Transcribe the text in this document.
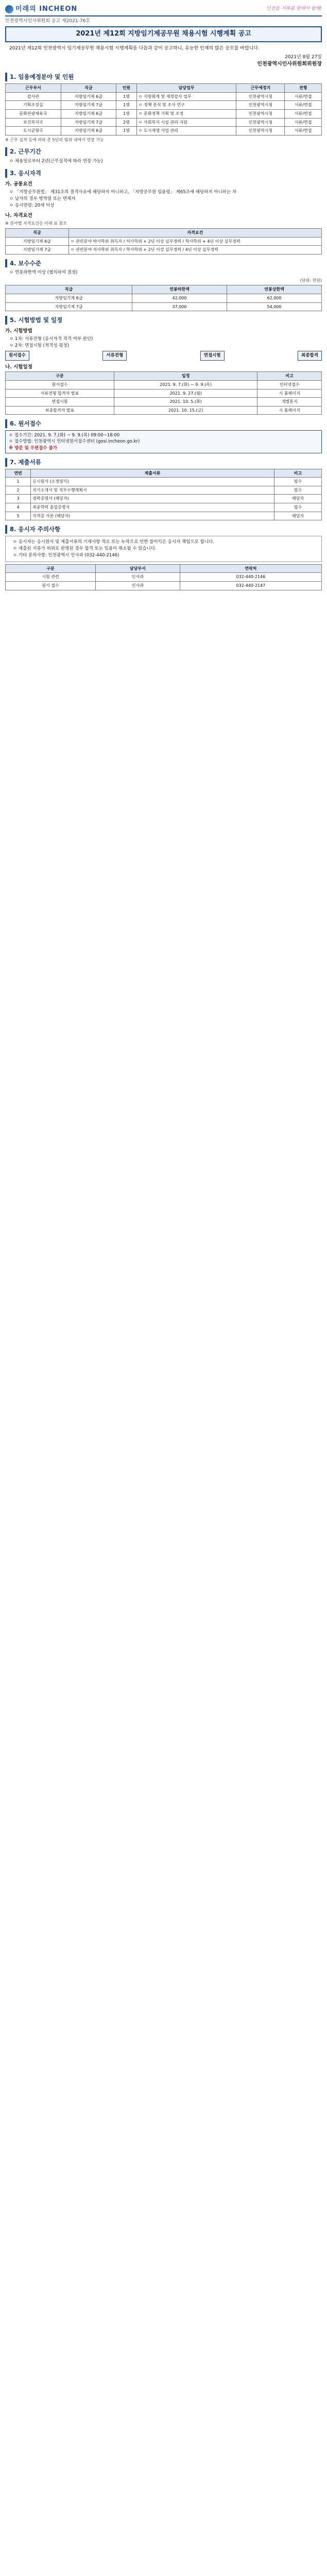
미래의 INCHEON	인천을 기부로 앞에서 함께!
인천광역시인사위원회 공고 제2021-76호
2021년 제12회 지방임기제공무원 채용시험 시행계획 공고
2021년 제12회 인천광역시 임기제공무원 채용시험 시행계획을 다음과 같이 공고하니, 유능한 인재의 많은 응모를 바랍니다.
2021년 8월 27일
인천광역시인사위원회위원장
1. 임용예정분야 및 인원
근무부서	직급	인원	담당업무	근무예정지	전형
감사관	지방임기제 6급	1명	ㅇ 지방회계 및 재정감사 업무	인천광역시청	서류/면접
기획조정실	지방임기제 7급	1명	ㅇ 정책 분석 및 조사 연구	인천광역시청	서류/면접
문화관광체육국	지방임기제 6급	1명	ㅇ 문화정책 기획 및 조정	인천광역시청	서류/면접
보건복지국	지방임기제 7급	2명	ㅇ 사회복지 시설 관리 지원	인천광역시청	서류/면접
도시균형국	지방임기제 6급	1명	ㅇ 도시재생 사업 관리	인천광역시청	서류/면접
※ 근무 실적 등에 따라 총 5년의 범위 내에서 연장 가능
2. 근무기간
ㅇ 채용일로부터 2년(근무실적에 따라 연장 가능)
3. 응시자격
가. 공통요건
ㅇ 「지방공무원법」 제31조의 결격사유에 해당하지 아니하고, 「지방공무원 임용령」 제65조에 해당하지 아니하는 자
ㅇ 남자의 경우 병역필 또는 면제자
ㅇ 응시연령: 20세 이상
나. 자격요건
※ 분야별 자격요건은 아래 표 참조
직급	자격요건
지방임기제 6급	ㅇ 관련분야 박사학위 취득자 / 석사학위 + 2년 이상 실무경력 / 학사학위 + 4년 이상 실무경력
지방임기제 7급	ㅇ 관련분야 석사학위 취득자 / 학사학위 + 2년 이상 실무경력 / 4년 이상 실무경력
4. 보수수준
ㅇ 연봉하한액 이상 (협의하여 결정)
(단위: 천원)
직급	연봉하한액	연봉상한액
지방임기제 6급	42,000	62,000
지방임기제 7급	37,000	54,000
5. 시험방법 및 일정
가. 시험방법
ㅇ 1차: 서류전형 (응시자격 적격 여부 판단)
ㅇ 2차: 면접시험 (적격성 평정)
원서접수	서류전형	면접시험	최종합격
나. 시험일정
구분	일정	비고
원서접수	2021. 9. 7.(화) ~ 9. 9.(목)	인터넷접수
서류전형 합격자 발표	2021. 9. 27.(월)	시 홈페이지
면접시험	2021. 10. 5.(화)	개별통지
최종합격자 발표	2021. 10. 15.(금)	시 홈페이지
6. 원서접수
ㅇ 접수기간: 2021. 9. 7.(화) ~ 9. 9.(목) 09:00~18:00
ㅇ 접수방법: 인천광역시 인터넷원서접수센터 (gosi.incheon.go.kr)
※ 방문 및 우편접수 불가
7. 제출서류
연번	제출서류	비고
1	응시원서 (소정양식)	필수
2	자기소개서 및 직무수행계획서	필수
3	경력증명서 (해당자)	해당자
4	최종학력 졸업증명서	필수
5	자격증 사본 (해당자)	해당자
8. 응시자 주의사항
ㅇ 응시자는 응시원서 및 제출서류의 기재사항 착오 또는 누락으로 인한 불이익은 응시자 책임으로 합니다.
ㅇ 제출된 서류가 허위로 판명된 경우 합격 또는 임용이 취소될 수 있습니다.
ㅇ 기타 문의사항: 인천광역시 인사과 (032-440-2146)
구분	담당부서	연락처
시험 관련	인사과	032-440-2146
원서 접수	인사과	032-440-2147
